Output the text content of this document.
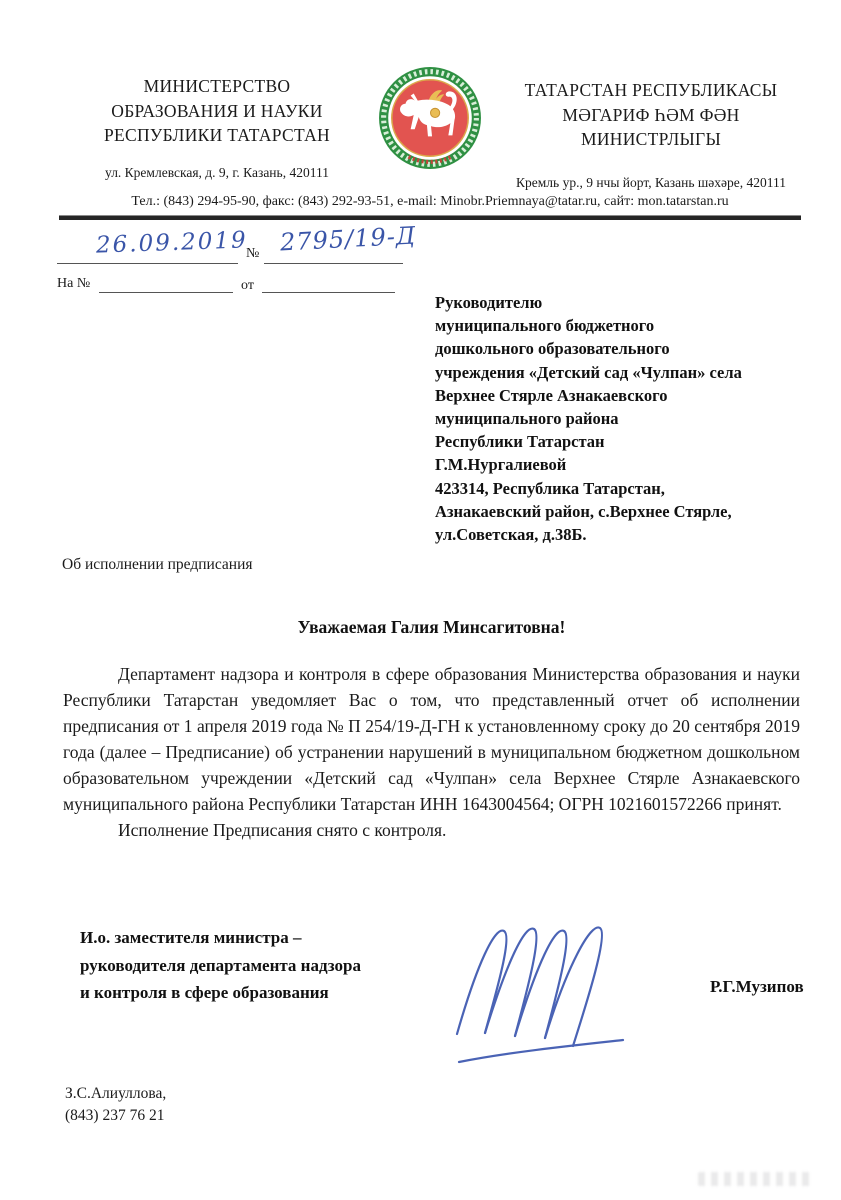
МИНИСТЕРСТВО
ОБРАЗОВАНИЯ И НАУКИ
РЕСПУБЛИКИ ТАТАРСТАН
ул. Кремлевская, д. 9, г. Казань, 420111
ТАТАРСТАН РЕСПУБЛИКАСЫ
МӘГАРИФ ҺӘМ ФӘН
МИНИСТРЛЫГЫ
Кремль ур., 9 нчы йорт, Казань шәхәре, 420111
Тел.: (843) 294-95-90, факс: (843) 292-93-51, e-mail: Minobr.Priemnaya@tatar.ru, сайт: mon.tatarstan.ru
26.09.2019
№ 2795/19-Д
На №	от
Руководителю
муниципального бюджетного
дошкольного образовательного
учреждения «Детский сад «Чулпан» села
Верхнее Стярле Азнакаевского
муниципального района
Республики Татарстан
Г.М.Нургалиевой
423314, Республика Татарстан,
Азнакаевский район, с.Верхнее Стярле,
ул.Советская, д.38Б.
Об исполнении предписания
Уважаемая Галия Минсагитовна!

Департамент надзора и контроля в сфере образования Министерства образования и науки Республики Татарстан уведомляет Вас о том, что представленный отчет об исполнении предписания от 1 апреля 2019 года № П 254/19-Д-ГН к установленному сроку до 20 сентября 2019 года (далее – Предписание) об устранении нарушений в муниципальном бюджетном дошкольном образовательном учреждении «Детский сад «Чулпан» села Верхнее Стярле Азнакаевского муниципального района Республики Татарстан ИНН 1643004564; ОГРН 1021601572266 принят.

Исполнение Предписания снято с контроля.

И.о. заместителя министра –
руководителя департамента надзора
и контроля в сфере образования	Р.Г.Музипов
З.С.Алиуллова,
(843) 237 76 21
